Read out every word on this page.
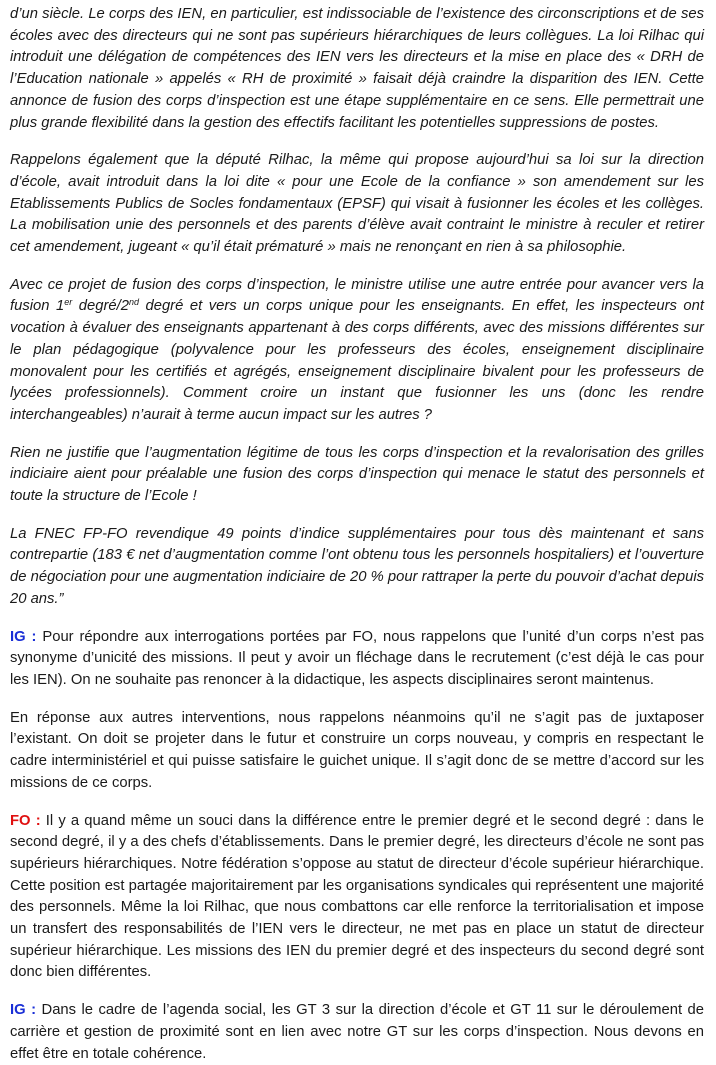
d’un siècle. Le corps des IEN, en particulier, est indissociable de l’existence des circonscriptions et de ses écoles avec des directeurs qui ne sont pas supérieurs hiérarchiques de leurs collègues. La loi Rilhac qui introduit une délégation de compétences des IEN vers les directeurs et la mise en place des « DRH de l’Education nationale » appelés « RH de proximité » faisait déjà craindre la disparition des IEN. Cette annonce de fusion des corps d’inspection est une étape supplémentaire en ce sens. Elle permettrait une plus grande flexibilité dans la gestion des effectifs facilitant les potentielles suppressions de postes.

Rappelons également que la député Rilhac, la même qui propose aujourd’hui sa loi sur la direction d’école, avait introduit dans la loi dite « pour une Ecole de la confiance » son amendement sur les Etablissements Publics de Socles fondamentaux (EPSF) qui visait à fusionner les écoles et les collèges. La mobilisation unie des personnels et des parents d’élève avait contraint le ministre à reculer et retirer cet amendement, jugeant « qu’il était prématuré » mais ne renonçant en rien à sa philosophie.

Avec ce projet de fusion des corps d’inspection, le ministre utilise une autre entrée pour avancer vers la fusion 1er degré/2nd degré et vers un corps unique pour les enseignants. En effet, les inspecteurs ont vocation à évaluer des enseignants appartenant à des corps différents, avec des missions différentes sur le plan pédagogique (polyvalence pour les professeurs des écoles, enseignement disciplinaire monovalent pour les certifiés et agrégés, enseignement disciplinaire bivalent pour les professeurs de lycées professionnels). Comment croire un instant que fusionner les uns (donc les rendre interchangeables) n’aurait à terme aucun impact sur les autres ?

Rien ne justifie que l’augmentation légitime de tous les corps d’inspection et la revalorisation des grilles indiciaire aient pour préalable une fusion des corps d’inspection qui menace le statut des personnels et toute la structure de l’Ecole !

La FNEC FP-FO revendique 49 points d’indice supplémentaires pour tous dès maintenant et sans contrepartie (183 € net d’augmentation comme l’ont obtenu tous les personnels hospitaliers) et l’ouverture de négociation pour une augmentation indiciaire de 20 % pour rattraper la perte du pouvoir d’achat depuis 20 ans.”

IG : Pour répondre aux interrogations portées par FO, nous rappelons que l’unité d’un corps n’est pas synonyme d’unicité des missions. Il peut y avoir un fléchage dans le recrutement (c’est déjà le cas pour les IEN). On ne souhaite pas renoncer à la didactique, les aspects disciplinaires seront maintenus.

En réponse aux autres interventions, nous rappelons néanmoins qu’il ne s’agit pas de juxtaposer l’existant. On doit se projeter dans le futur et construire un corps nouveau, y compris en respectant le cadre interministériel et qui puisse satisfaire le guichet unique. Il s’agit donc de se mettre d’accord sur les missions de ce corps.

FO : Il y a quand même un souci dans la différence entre le premier degré et le second degré : dans le second degré, il y a des chefs d’établissements. Dans le premier degré, les directeurs d’école ne sont pas supérieurs hiérarchiques. Notre fédération s’oppose au statut de directeur d’école supérieur hiérarchique. Cette position est partagée majoritairement par les organisations syndicales qui représentent une majorité des personnels. Même la loi Rilhac, que nous combattons car elle renforce la territorialisation et impose un transfert des responsabilités de l’IEN vers le directeur, ne met pas en place un statut de directeur supérieur hiérarchique. Les missions des IEN du premier degré et des inspecteurs du second degré sont donc bien différentes.

IG : Dans le cadre de l’agenda social, les GT 3 sur la direction d’école et GT 11 sur le déroulement de carrière et gestion de proximité sont en lien avec notre GT sur les corps d’inspection. Nous devons en effet être en totale cohérence.
